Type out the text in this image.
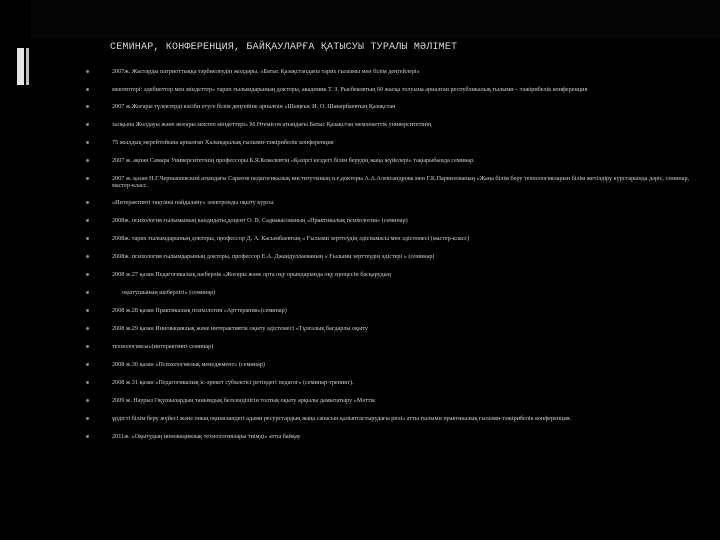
СЕМИНАР, КОНФЕРЕНЦИЯ, БАЙҚАУЛАРҒА ҚАТЫСУЫ ТУРАЛЫ МӘЛІМЕТ
2007ж. Жастарды патриоттыққа тәрбиелеудің жолдары. «Батыс Қазақстандағы тарих ғылымы мен білім деңгейлері»
мектептері: әдебиеттер мен міндеттер» тарих ғылымдарының докторы, академик Т. З. Рысбековтың 60 жасқа толуына арналған республикалық ғылыми – тәжірибелік конференция
2007 ж.Жоғары түлектерді кәсіби етуге білім деңгейіне арналған «Шыңғыс И. О. Шакирбаевтың Қазақстан
халқына Жолдауы және жоғары мектеп міндеттері» М.Өтемісов атындағы Батыс Қазақстан мемлекеттік университетінің
75 жылдық мерейтойына арналған Халықаралық ғылыми-тәжірибелік конференция
2007 ж. ақпан Самара Университетінің профессоры Б.Я.Ковалевтің «Қазіргі кездегі білім берудің жаңа жүйелері» тақырыбында семинар.
2007 ж. қазан Н.Г.Чернышевский атындағы Саратов педагогикалық институтының п.ғ.докторы А.А.Александрова мен Г.К.Парвизованың «Жаңа білім беру технологияларын білім жетілдіру курстарында дәріс, семинар, мастер-класс.
«Интерактивті тақтаны пайдалану» электронды оқыту курсы.
2008ж. психология ғылымының кандидаты,доцент О. В. Садвакасованың «Практикалық психология» (семинар)
2008ж. тарих ғылымдарының докторы, профессор Д. А. Касымбаевтың « Ғылыми зерттеудің әдіснамасы мен әдістемесі (мастер-класс)
2008ж. психология ғылымдарының докторы, профессор Е.А. Джаидуллаеваның « Ғылыми зерттеудің әдістері » (семинар)
2008 ж.27 қазан Педагогикалық шеберлік «Жоғары және орта оқу орындарында оқу процесін басқарудың
оқытушының шеберлігі» (семинар)
2008 ж.28 қазан Практикалық психология «Арттерапия»(семинар)
2008 ж.29 қазан Инновациялық және интерактивтік оқыту әдістемесі «Тұлғалық бағдарлы оқыту
технологиясы»(интерактивті семинар)
2008 ж.30 қазан «Психологиялық менеджмент» (семинар)
2008 ж.31 қазан «Педагогикалық іс-әрекет субъектісі ретіндегі педагог» (семинар-тренинг).
2009 ж. Наурыз Оқушылардың танымдық белсенділігін толтық оқыту арқылы дамытатыру «Мәттік
ұрдісті білім беру жүйесі және оның оқиналандегі адами ресурстардың жаңа сапасын қалыптастырудағы рөлі» атты ғылыми практикалық ғылыми-тәжірибелік конференция.
2011ж. «Оқытудың инновациялық технологиялары тиімді» атты байқау
